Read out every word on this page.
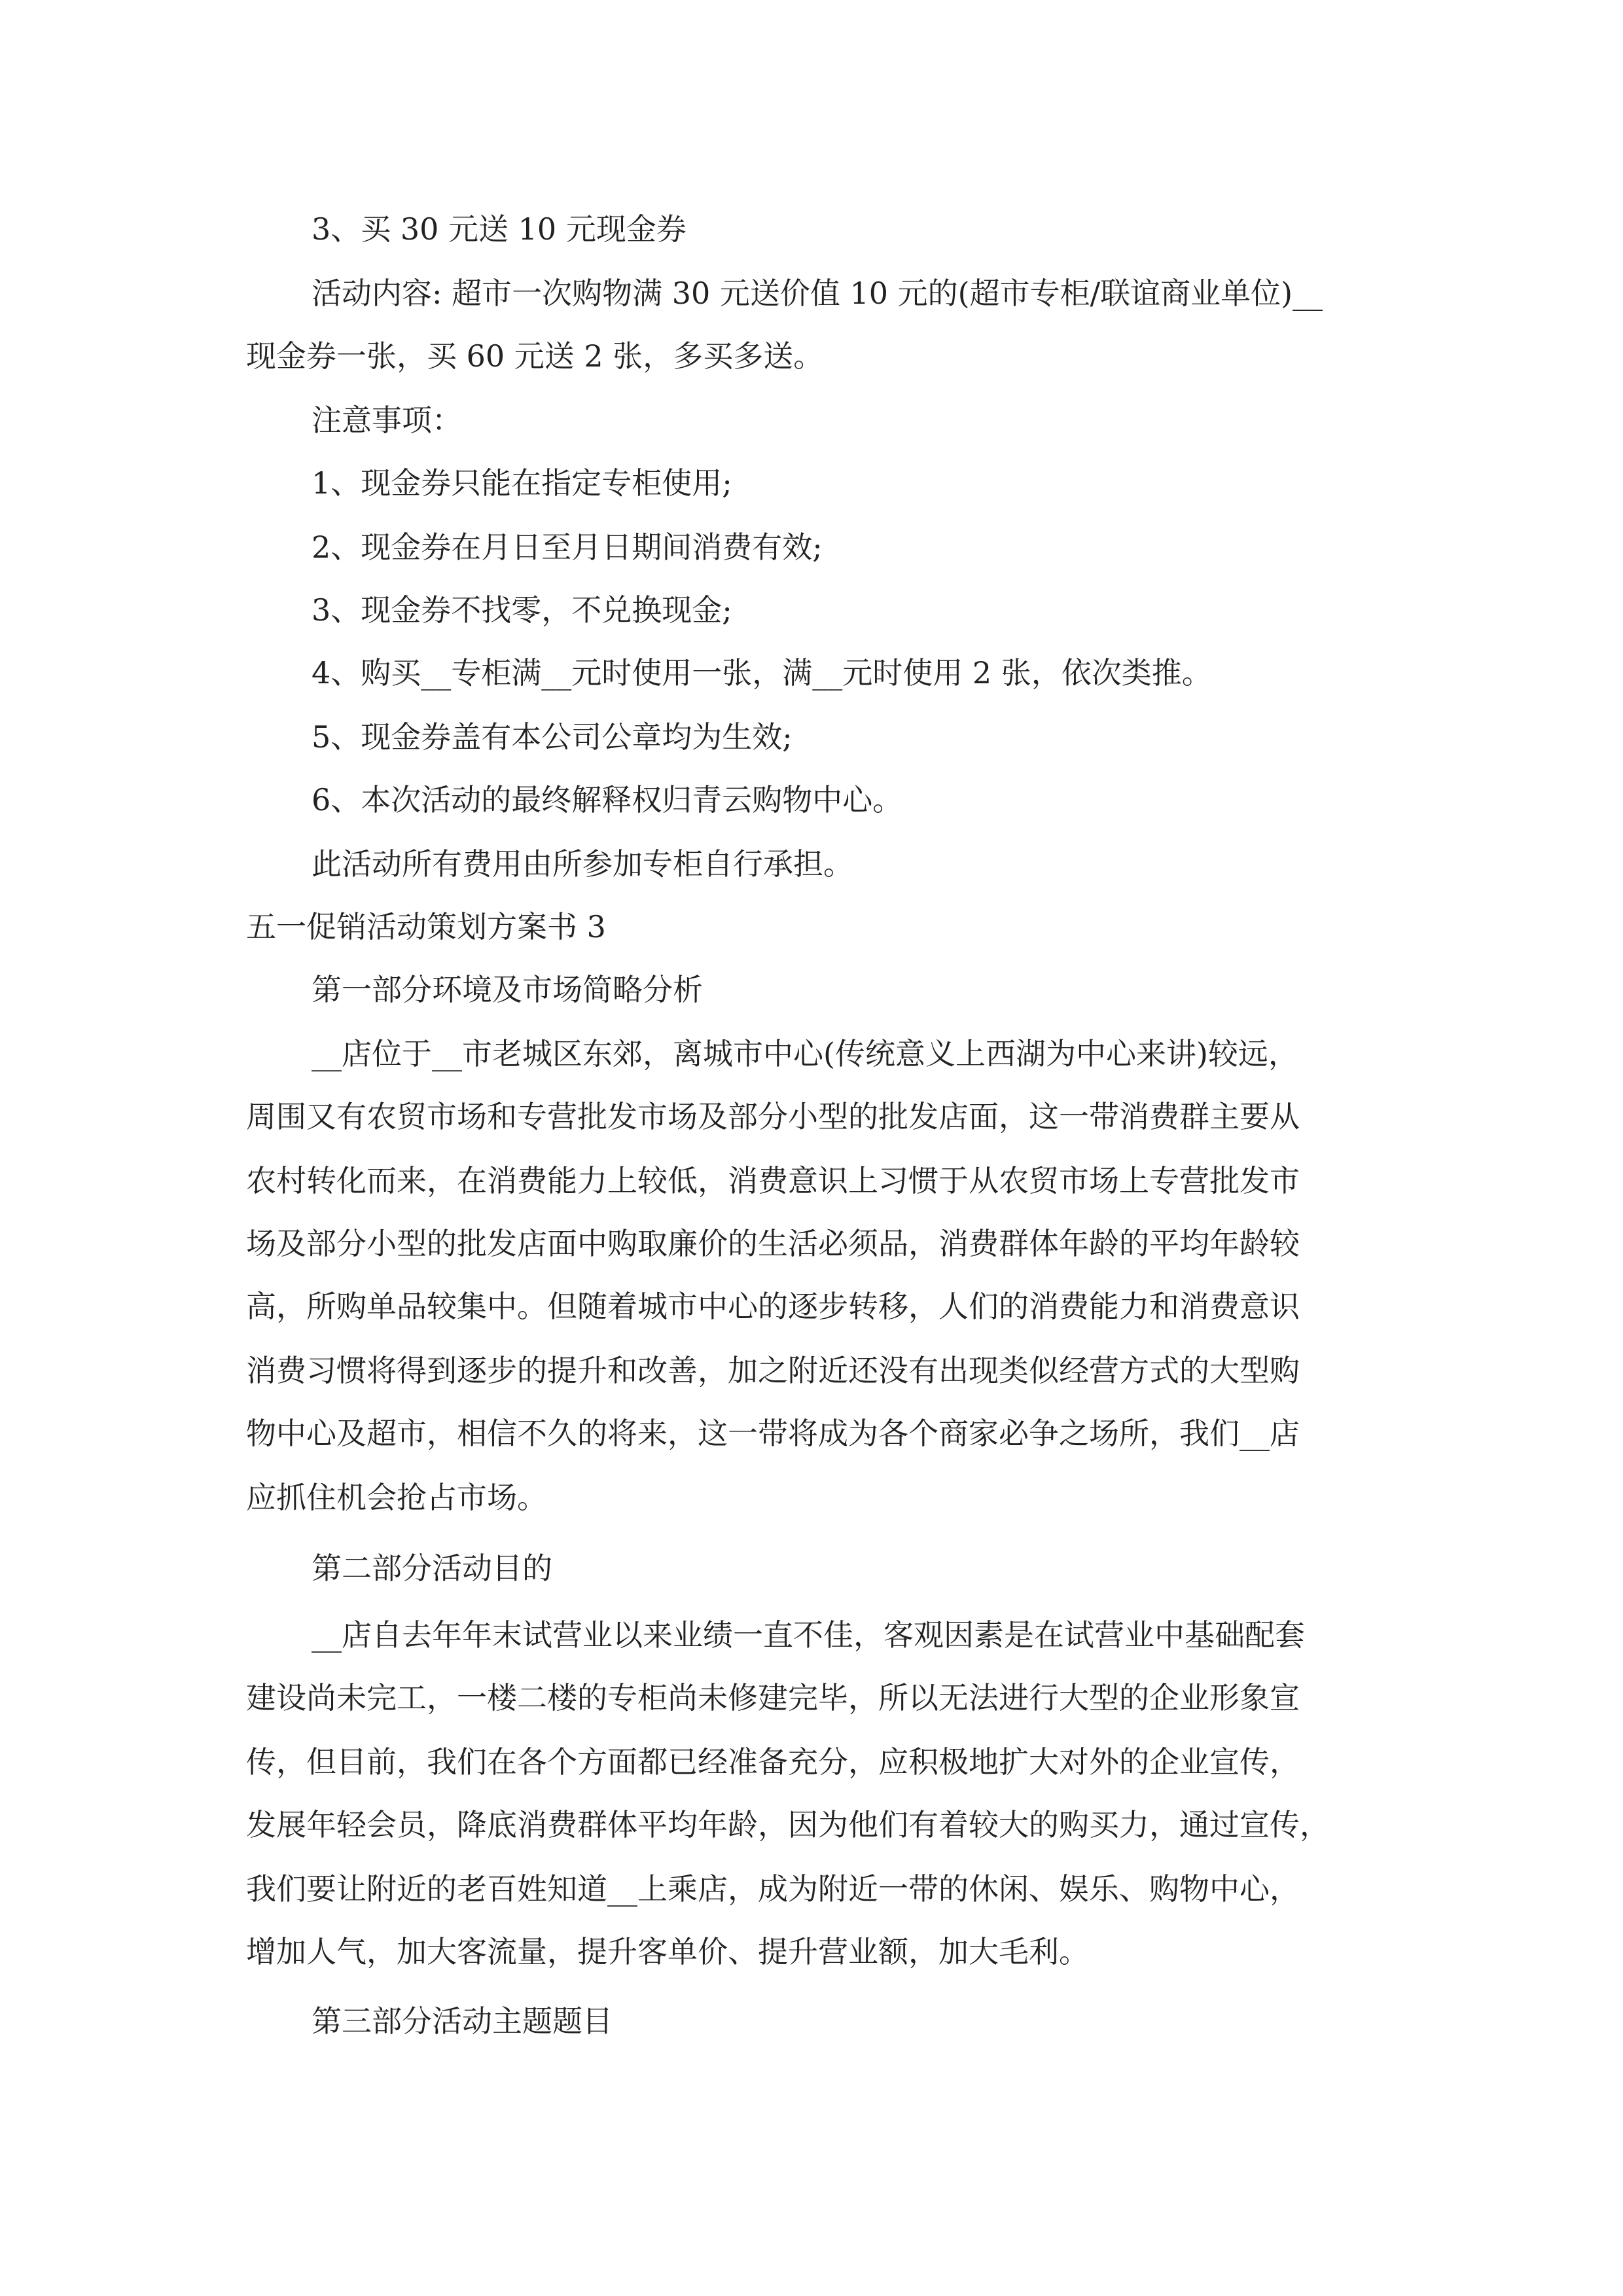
3、买 30 元送 10 元现金券
活动内容: 超市一次购物满 30 元送价值 10 元的(超市专柜/联谊商业单位)__
现金券一张，买 60 元送 2 张，多买多送。
注意事项：
1、现金券只能在指定专柜使用;
2、现金券在月日至月日期间消费有效;
3、现金券不找零，不兑换现金;
4、购买__专柜满__元时使用一张，满__元时使用 2 张，依次类推。
5、现金券盖有本公司公章均为生效;
6、本次活动的最终解释权归青云购物中心。
此活动所有费用由所参加专柜自行承担。
五一促销活动策划方案书 3
第一部分环境及市场简略分析
__店位于__市老城区东郊，离城市中心(传统意义上西湖为中心来讲)较远，
周围又有农贸市场和专营批发市场及部分小型的批发店面，这一带消费群主要从
农村转化而来，在消费能力上较低，消费意识上习惯于从农贸市场上专营批发市
场及部分小型的批发店面中购取廉价的生活必须品，消费群体年龄的平均年龄较
高，所购单品较集中。但随着城市中心的逐步转移，人们的消费能力和消费意识
消费习惯将得到逐步的提升和改善，加之附近还没有出现类似经营方式的大型购
物中心及超市，相信不久的将来，这一带将成为各个商家必争之场所，我们__店
应抓住机会抢占市场。
第二部分活动目的
__店自去年年末试营业以来业绩一直不佳，客观因素是在试营业中基础配套
建设尚未完工，一楼二楼的专柜尚未修建完毕，所以无法进行大型的企业形象宣
传，但目前，我们在各个方面都已经准备充分，应积极地扩大对外的企业宣传，
发展年轻会员，降底消费群体平均年龄，因为他们有着较大的购买力，通过宣传，
我们要让附近的老百姓知道__上乘店，成为附近一带的休闲、娱乐、购物中心，
增加人气，加大客流量，提升客单价、提升营业额，加大毛利。
第三部分活动主题题目
